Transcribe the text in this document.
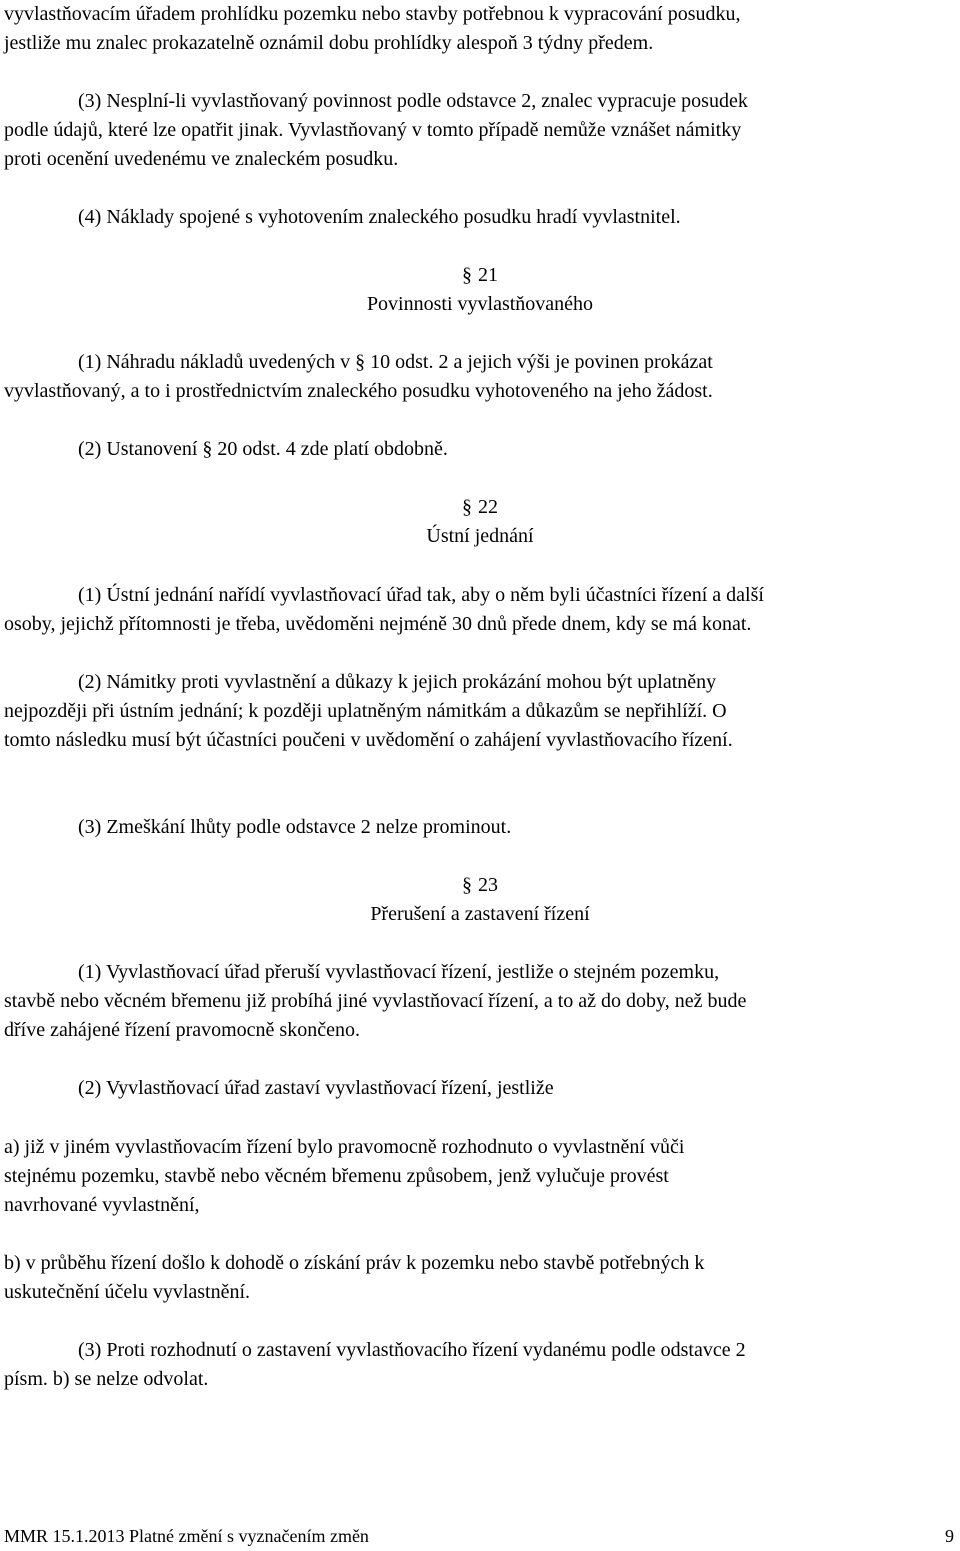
vyvlastňovacím úřadem prohlídku pozemku nebo stavby potřebnou k vypracování posudku,
jestliže mu znalec prokazatelně oznámil dobu prohlídky alespoň 3 týdny předem.
(3) Nesplní-li vyvlastňovaný povinnost podle odstavce 2, znalec vypracuje posudek
podle údajů, které lze opatřit jinak. Vyvlastňovaný v tomto případě nemůže vznášet námitky
proti ocenění uvedenému ve znaleckém posudku.
(4) Náklady spojené s vyhotovením znaleckého posudku hradí vyvlastnitel.
§ 21
Povinnosti vyvlastňovaného
(1) Náhradu nákladů uvedených v § 10 odst. 2 a jejich výši je povinen prokázat
vyvlastňovaný, a to i prostřednictvím znaleckého posudku vyhotoveného na jeho žádost.
(2) Ustanovení § 20 odst. 4 zde platí obdobně.
§ 22
Ústní jednání
(1) Ústní jednání nařídí vyvlastňovací úřad tak, aby o něm byli účastníci řízení a další
osoby, jejichž přítomnosti je třeba, uvědoměni nejméně 30 dnů přede dnem, kdy se má konat.
(2) Námitky proti vyvlastnění a důkazy k jejich prokázání mohou být uplatněny
nejpozději při ústním jednání; k později uplatněným námitkám a důkazům se nepřihlíží. O
tomto následku musí být účastníci poučeni v uvědomění o zahájení vyvlastňovacího řízení.
(3) Zmeškání lhůty podle odstavce 2 nelze prominout.
§ 23
Přerušení a zastavení řízení
(1) Vyvlastňovací úřad přeruší vyvlastňovací řízení, jestliže o stejném pozemku,
stavbě nebo věcném břemenu již probíhá jiné vyvlastňovací řízení, a to až do doby, než bude
dříve zahájené řízení pravomocně skončeno.
(2) Vyvlastňovací úřad zastaví vyvlastňovací řízení, jestliže
a) již v jiném vyvlastňovacím řízení bylo pravomocně rozhodnuto o vyvlastnění vůči
stejnému pozemku, stavbě nebo věcném břemenu způsobem, jenž vylučuje provést
navrhované vyvlastnění,
b) v průběhu řízení došlo k dohodě o získání práv k pozemku nebo stavbě potřebných k
uskutečnění účelu vyvlastnění.
(3) Proti rozhodnutí o zastavení vyvlastňovacího řízení vydanému podle odstavce 2
písm. b) se nelze odvolat.
MMR 15.1.2013 Platné změní s vyznačením změn	9
